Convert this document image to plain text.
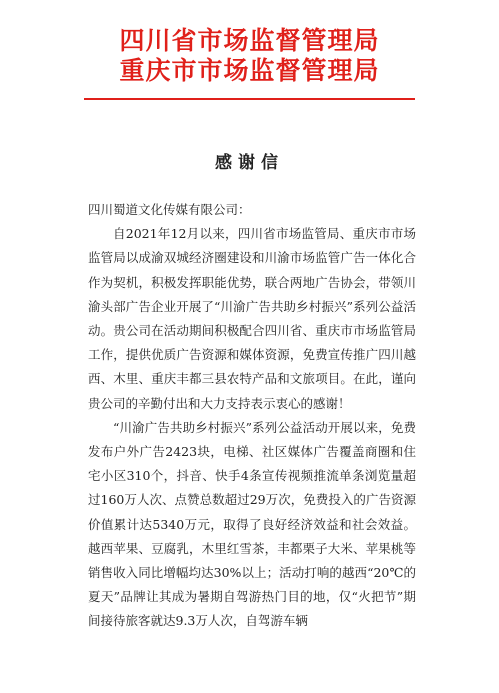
四川省市场监督管理局
重庆市市场监督管理局
感谢信

四川蜀道文化传媒有限公司：

自2021年12月以来，四川省市场监管局、重庆市市场监管局以成渝双城经济圈建设和川渝市场监管广告一体化合作为契机，积极发挥职能优势，联合两地广告协会，带领川渝头部广告企业开展了“川渝广告共助乡村振兴”系列公益活动。贵公司在活动期间积极配合四川省、重庆市市场监管局工作，提供优质广告资源和媒体资源，免费宣传推广四川越西、木里、重庆丰都三县农特产品和文旅项目。在此，谨向贵公司的辛勤付出和大力支持表示衷心的感谢！

“川渝广告共助乡村振兴”系列公益活动开展以来，免费发布户外广告2423块，电梯、社区媒体广告覆盖商圈和住宅小区310个，抖音、快手4条宣传视频推流单条浏览量超过160万人次、点赞总数超过29万次，免费投入的广告资源价值累计达5340万元，取得了良好经济效益和社会效益。越西苹果、豆腐乳，木里红雪茶，丰都栗子大米、苹果桃等销售收入同比增幅均达30%以上；活动打响的越西“20℃的夏天”品牌让其成为暑期自驾游热门目的地，仅“火把节”期间接待旅客就达9.3万人次，自驾游车辆
